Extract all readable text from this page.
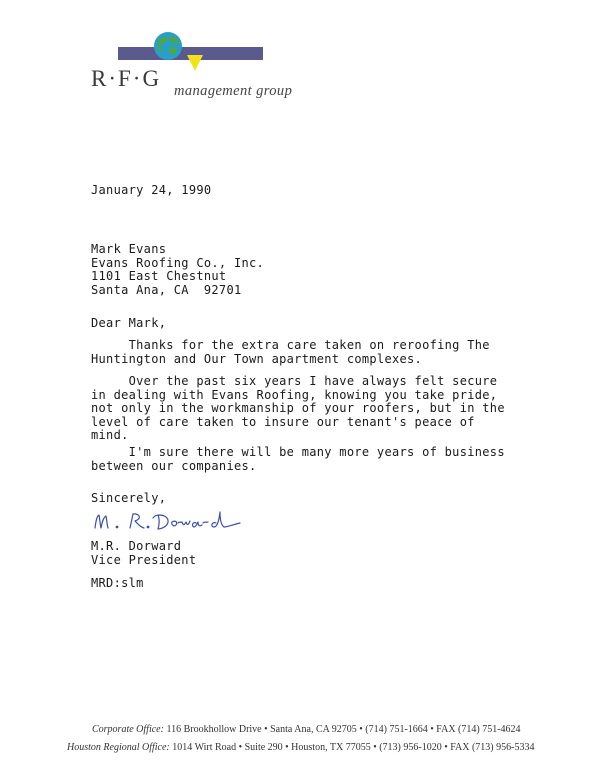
R·F·G management group
January 24, 1990
Mark Evans
Evans Roofing Co., Inc.
1101 East Chestnut
Santa Ana, CA  92701
Dear Mark,
Thanks for the extra care taken on reroofing The
Huntington and Our Town apartment complexes.
Over the past six years I have always felt secure
in dealing with Evans Roofing, knowing you take pride,
not only in the workmanship of your roofers, but in the
level of care taken to insure our tenant's peace of
mind.
I'm sure there will be many more years of business
between our companies.
Sincerely,
M.R. Dorward
Vice President
MRD:slm
Corporate Office: 116 Brookhollow Drive • Santa Ana, CA 92705 • (714) 751-1664 • FAX (714) 751-4624
Houston Regional Office: 1014 Wirt Road • Suite 290 • Houston, TX 77055 • (713) 956-1020 • FAX (713) 956-5334
